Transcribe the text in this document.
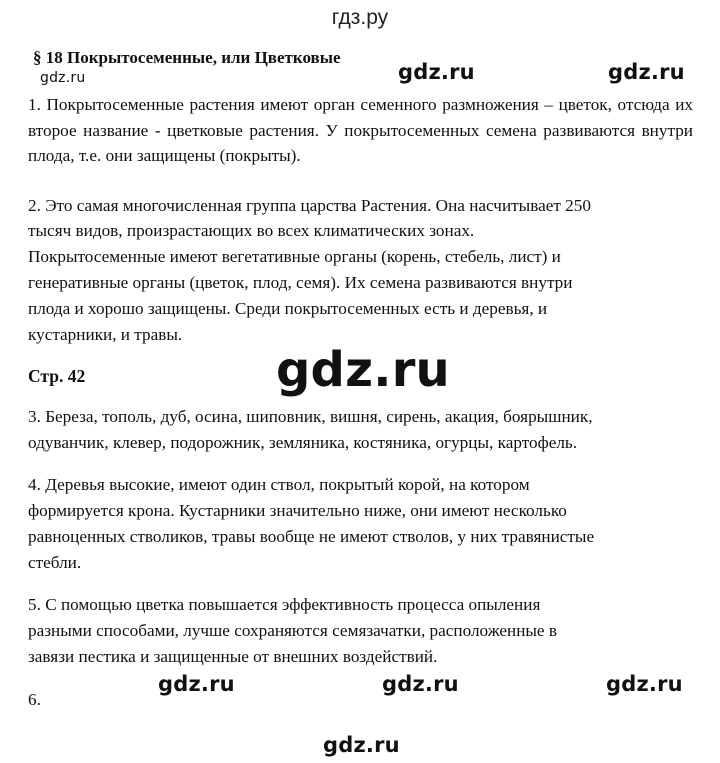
гдз.ру
§ 18 Покрытосеменные, или Цветковые
gdz.ru	gdz.ru	gdz.ru
1. Покрытосеменные растения имеют орган семенного размножения – цветок, отсюда их второе название - цветковые растения. У покрытосеменных семена развиваются внутри плода, т.е. они защищены (покрыты).
2. Это самая многочисленная группа царства Растения. Она насчитывает 250
тысяч видов, произрастающих во всех климатических зонах.
Покрытосеменные имеют вегетативные органы (корень, стебель, лист) и
генеративные органы (цветок, плод, семя). Их семена развиваются внутри
плода и хорошо защищены. Среди покрытосеменных есть и деревья, и
кустарники, и травы.
gdz.ru
Стр. 42
3. Береза, тополь, дуб, осина, шиповник, вишня, сирень, акация, боярышник,
одуванчик, клевер, подорожник, земляника, костяника, огурцы, картофель.
4. Деревья высокие, имеют один ствол, покрытый корой, на котором
формируется крона. Кустарники значительно ниже, они имеют несколько
равноценных стволиков, травы вообще не имеют стволов, у них травянистые
стебли.
5. С помощью цветка повышается эффективность процесса опыления
разными способами, лучше сохраняются семязачатки, расположенные в
завязи пестика и защищенные от внешних воздействий.
gdz.ru	gdz.ru	gdz.ru
6.
gdz.ru
